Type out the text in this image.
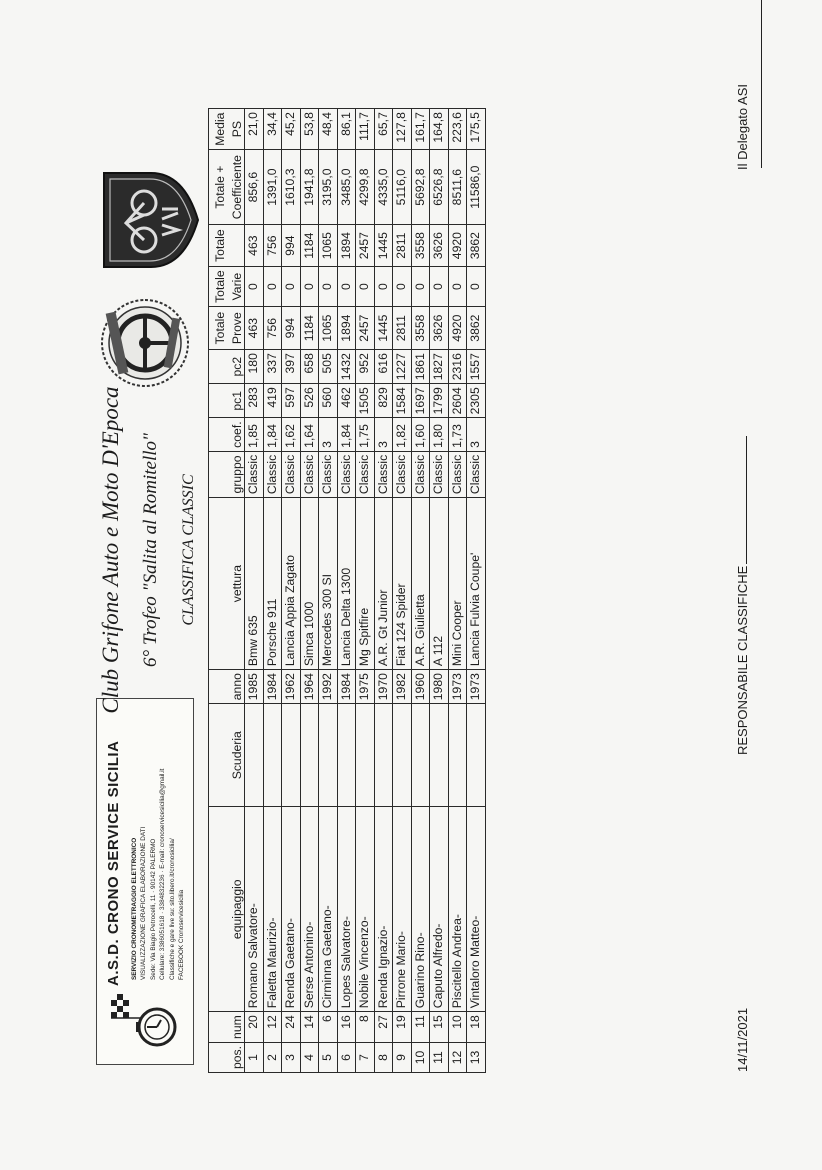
A.S.D. CRONO SERVICE SICILIA SERVIZIO CRONOMETRAGGIO ELETTRONICO VISUALIZZAZIONE GRAFICA ELABORAZIONE DATI Sede: Via Biagio Petrocelli, 11 · 90142 PALERMO Cellulare: 3386051618 · 3384832236 · E-mail: cronoservicesicilia@gmail.it Classifiche e gare live su: sito.libero.it/cronosicilia/ FACEBOOK Cronoservicesicilia
Club Grifone Auto e Moto D'Epoca 6° Trofeo "Salita al Romitello" CLASSIFICA CLASSIC
pos.	num	equipaggio	Scuderia	anno	vettura	gruppo	coef.	pc1	pc2	Totale	Totale	Totale	Totale +	Media
										Prove	Varie		Coefficiente	PS
1	20	Romano Salvatore-		1985	Bmw 635	Classic	1,85	283	180	463	0	463	856,6	21,0
2	12	Faletta Maurizio-		1984	Porsche 911	Classic	1,84	419	337	756	0	756	1391,0	34,4
3	24	Renda Gaetano-		1962	Lancia Appia Zagato	Classic	1,62	597	397	994	0	994	1610,3	45,2
4	14	Serse Antonino-		1964	Simca 1000	Classic	1,64	526	658	1184	0	1184	1941,8	53,8
5	6	Cirminna Gaetano-		1992	Mercedes 300 SI	Classic	3	560	505	1065	0	1065	3195,0	48,4
6	16	Lopes Salvatore-		1984	Lancia Delta 1300	Classic	1,84	462	1432	1894	0	1894	3485,0	86,1
7	8	Nobile Vincenzo-		1975	Mg Spitfire	Classic	1,75	1505	952	2457	0	2457	4299,8	111,7
8	27	Renda Ignazio-		1970	A.R. Gt Junior	Classic	3	829	616	1445	0	1445	4335,0	65,7
9	19	Pirrone Mario-		1982	Fiat 124 Spider	Classic	1,82	1584	1227	2811	0	2811	5116,0	127,8
10	11	Guarino Rino-		1960	A.R. Giulietta	Classic	1,60	1697	1861	3558	0	3558	5692,8	161,7
11	15	Caputo Alfredo-		1980	A 112	Classic	1,80	1799	1827	3626	0	3626	6526,8	164,8
12	10	Piscitello Andrea-		1973	Mini Cooper	Classic	1,73	2604	2316	4920	0	4920	8511,6	223,6
13	18	Vintaloro Matteo-		1973	Lancia Fulvia Coupe'	Classic	3	2305	1557	3862	0	3862	11586,0	175,5
14/11/2021
RESPONSABILE CLASSIFICHE
Il Delegato ASI
